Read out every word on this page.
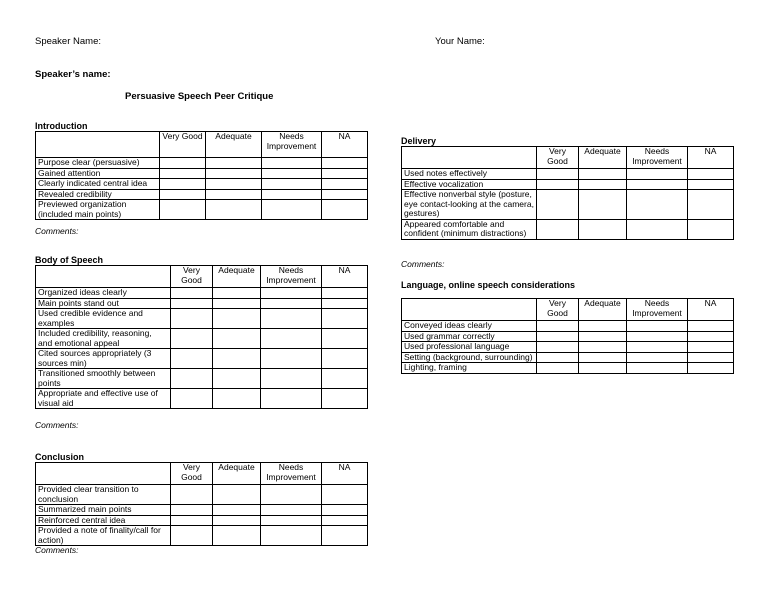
Speaker Name:	Your Name:
Speaker’s name:
Persuasive Speech Peer Critique
Introduction
	Very Good	Adequate	Needs Improvement	NA
Purpose clear (persuasive)				
Gained attention				
Clearly indicated central idea				
Revealed credibility				
Previewed organization (included main points)				
Comments:
Body of Speech
	Very Good	Adequate	Needs Improvement	NA
Organized ideas clearly				
Main points stand out				
Used credible evidence and examples				
Included credibility, reasoning, and emotional appeal				
Cited sources appropriately (3 sources min)				
Transitioned smoothly between points				
Appropriate and effective use of visual aid				
Comments:
Conclusion
	Very Good	Adequate	Needs Improvement	NA
Provided clear transition to conclusion				
Summarized main points				
Reinforced central idea				
Provided a note of finality/call for action)				
Comments:
Delivery
	Very Good	Adequate	Needs Improvement	NA
Used notes effectively				
Effective vocalization				
Effective nonverbal style (posture, eye contact-looking at the camera, gestures)				
Appeared comfortable and confident (minimum distractions)				
Comments:
Language, online speech considerations
	Very Good	Adequate	Needs Improvement	NA
Conveyed ideas clearly				
Used grammar correctly				
Used professional language				
Setting (background, surrounding)				
Lighting, framing				
